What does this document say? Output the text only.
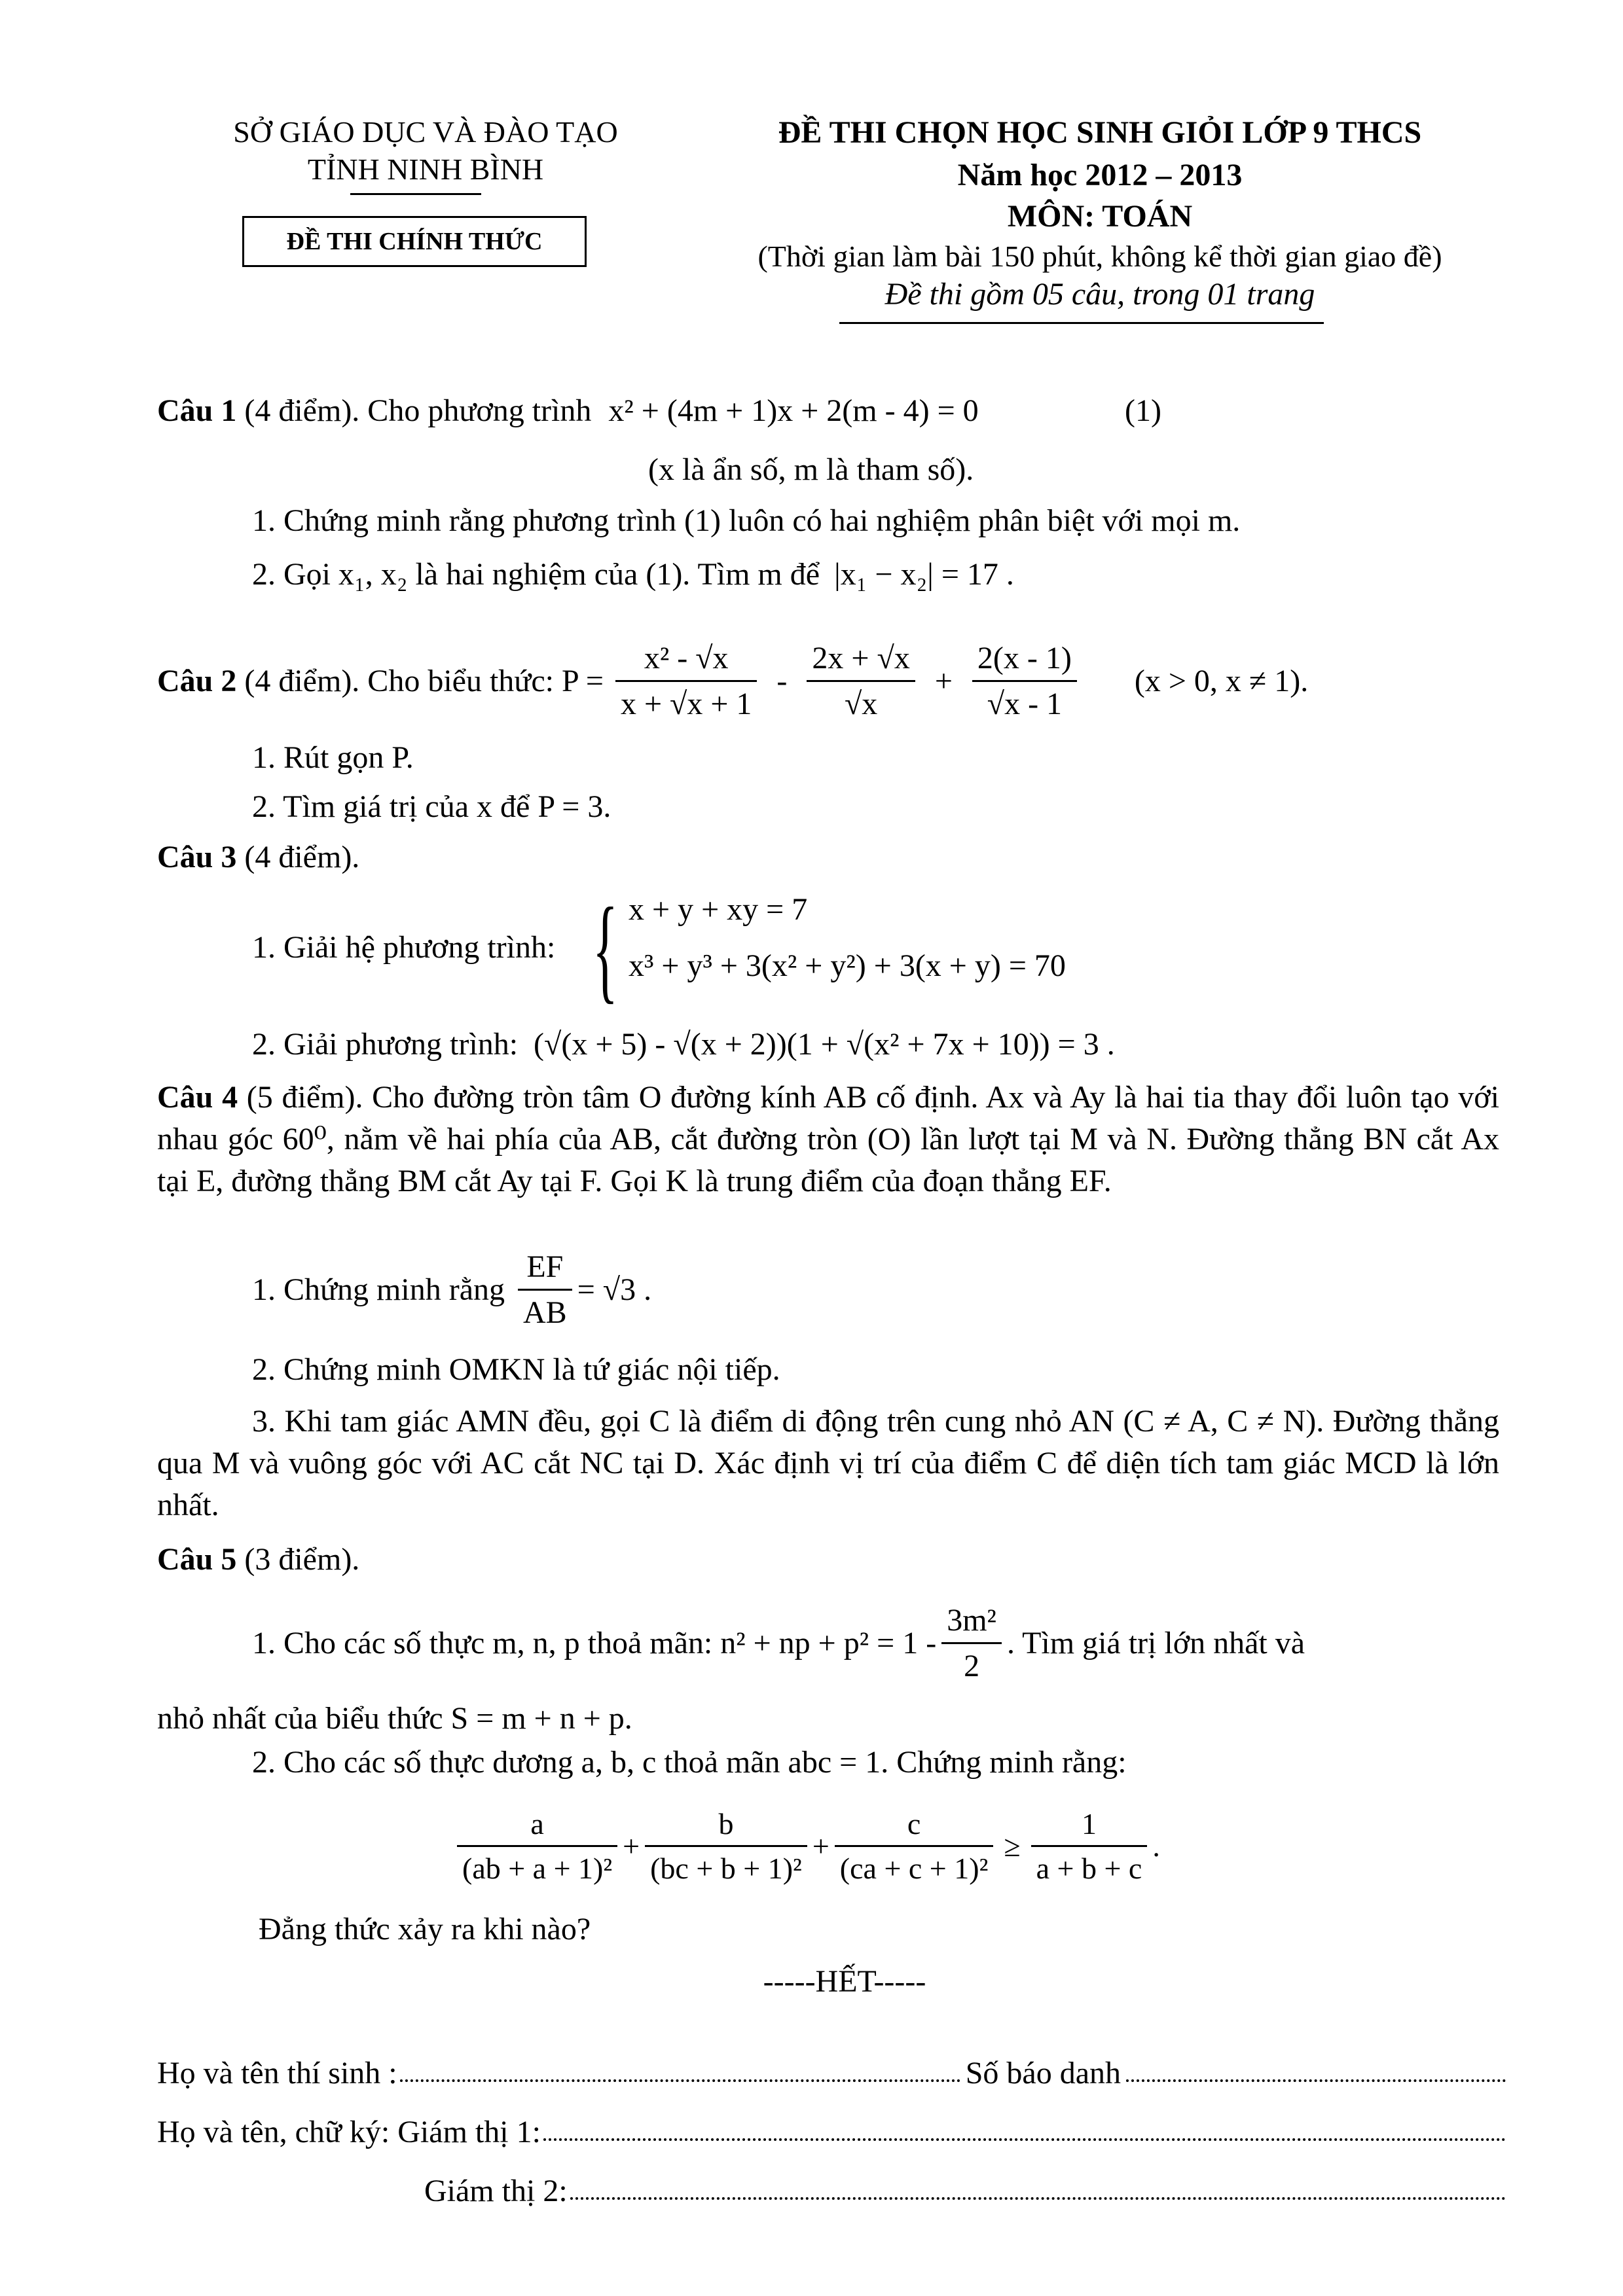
SỞ GIÁO DỤC VÀ ĐÀO TẠO
TỈNH NINH BÌNH
ĐỀ THI CHÍNH THỨC
ĐỀ THI CHỌN HỌC SINH GIỎI LỚP 9 THCS
Năm học 2012 – 2013
MÔN: TOÁN
(Thời gian làm bài 150 phút, không kể thời gian giao đề)
Đề thi gồm 05 câu, trong 01 trang
Câu 1 (4 điểm). Cho phương trình x² + (4m + 1)x + 2(m - 4) = 0	(1)
(x là ẩn số, m là tham số).
1. Chứng minh rằng phương trình (1) luôn có hai nghiệm phân biệt với mọi m.
2. Gọi x₁, x₂ là hai nghiệm của (1). Tìm m để |x₁ − x₂| = 17 .
Câu 2 (4 điểm). Cho biểu thức: $P = \frac{\text{x² - √x}}{x + √x + 1} - \frac{2x + √x}{√x} + \frac{2(x - 1)}{√x - 1} (x > 0$, x ≠ 1).
1. Rút gọn P.
2. Tìm giá trị của x để P = 3.
Câu 3 (4 điểm).
1. Giải hệ phương trình: { x + y + xy = 7
x³ + y³ + 3(x² + y²) + 3(x + y) = 70
2. Giải phương trình: (√(x + 5) - √(x + 2))(1 + √(x² + 7x + 10)) = 3 .
Câu 4 (5 điểm). Cho đường tròn tâm O đường kính AB cố định. Ax và Ay là hai tia thay đổi luôn tạo với nhau góc 60⁰, nằm về hai phía của AB, cắt đường tròn (O) lần lượt tại M và N. Đường thẳng BN cắt Ax tại E, đường thẳng BM cắt Ay tại F. Gọi K là trung điểm của đoạn thẳng EF.
1. Chứng minh rằng $\frac{EF}{AB} = √3$ .
2. Chứng minh OMKN là tứ giác nội tiếp.
3. Khi tam giác AMN đều, gọi C là điểm di động trên cung nhỏ AN (C ≠ A, C ≠ N). Đường thẳng qua M và vuông góc với AC cắt NC tại D. Xác định vị trí của điểm C để diện tích tam giác MCD là lớn nhất.
Câu 5 (3 điểm).
1. Cho các số thực m, n, p thoả mãn: n² + np + $p^2 = 1 - \frac{\text{3m²}}{2}$ . Tìm giá trị lớn nhất và
nhỏ nhất của biểu thức S = m + n + p.
2. Cho các số thực dương a, b, c thoả mãn abc = 1. Chứng minh rằng:
$\frac{a}{\text{(ab + a + 1)²}} + \frac{b}{\text{(bc + b + 1)²}} + \frac{c}{\text{(ca + c + 1)²}} \ge \frac{1}{a + b + c}$ .
Đẳng thức xảy ra khi nào?
-----HẾT-----
Họ và tên thí sinh :	Số báo danh
Họ và tên, chữ ký: Giám thị 1:
Giám thị 2:
